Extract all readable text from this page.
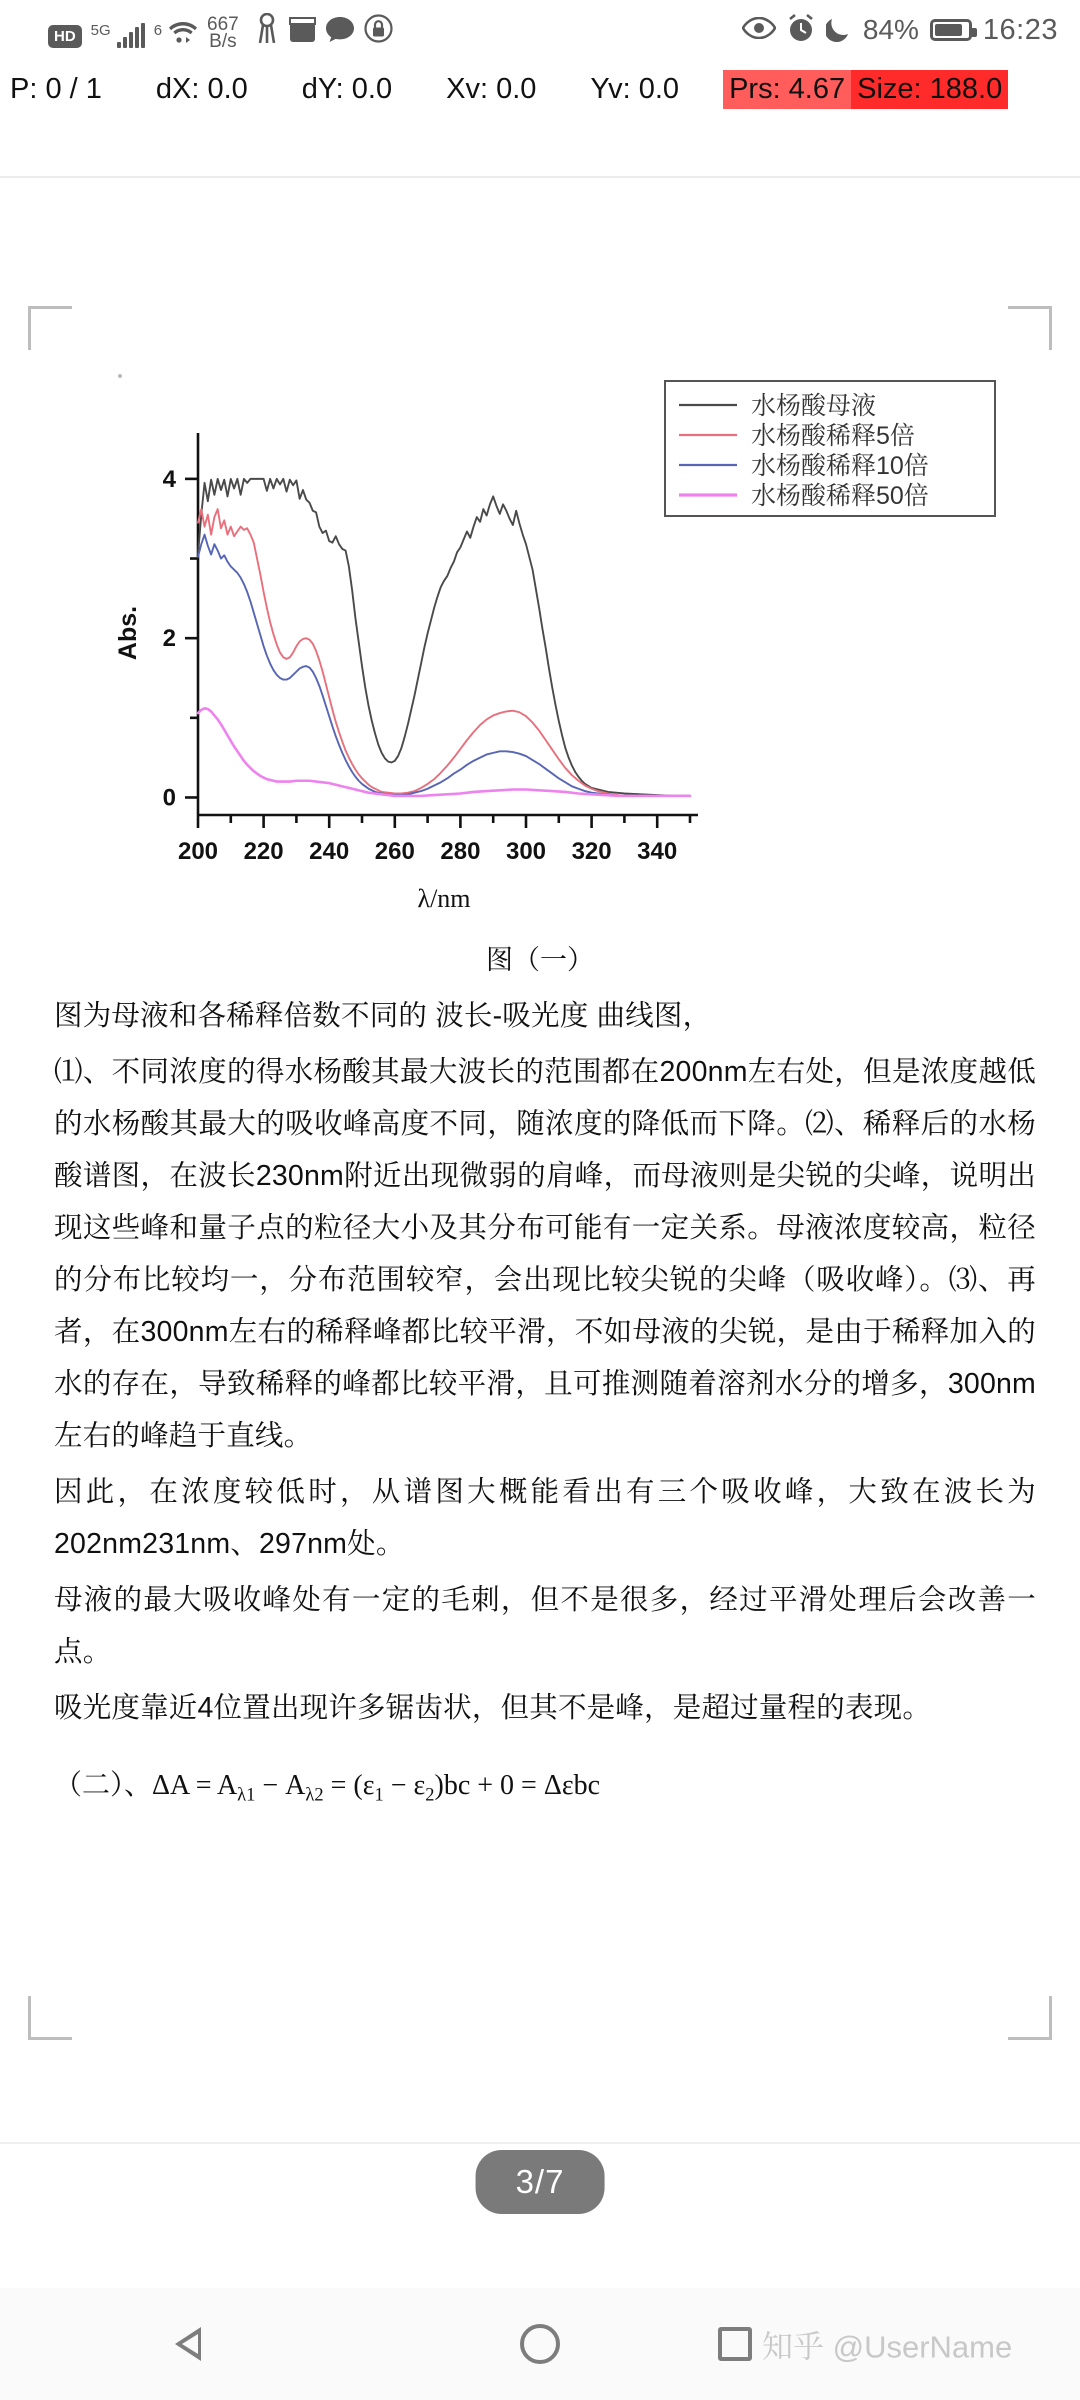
HD	5G	6 667
B/s	84% 16:23
P: 0 / 1 dX: 0.0 dY: 0.0 Xv: 0.0 Yv: 0.0 Prs: 4.67 Size: 188.0
0
2
4
200 220 240 260 280 300 320 340
Abs.
λ/nm
水杨酸母液
水杨酸稀释5倍
水杨酸稀释10倍
水杨酸稀释50倍
图（一）

图为母液和各稀释倍数不同的 波长-吸光度 曲线图，

⑴、不同浓度的得水杨酸其最大波长的范围都在200nm左右处，但是浓度越低的水杨酸其最大的吸收峰高度不同，随浓度的降低而下降。⑵、稀释后的水杨酸谱图，在波长230nm附近出现微弱的肩峰，而母液则是尖锐的尖峰，说明出现这些峰和量子点的粒径大小及其分布可能有一定关系。母液浓度较高，粒径的分布比较均一，分布范围较窄，会出现比较尖锐的尖峰（吸收峰）。⑶、再者，在300nm左右的稀释峰都比较平滑，不如母液的尖锐，是由于稀释加入的水的存在，导致稀释的峰都比较平滑，且可推测随着溶剂水分的增多，300nm左右的峰趋于直线。

因此，在浓度较低时，从谱图大概能看出有三个吸收峰，大致在波长为202nm231nm、297nm处。

母液的最大吸收峰处有一定的毛刺，但不是很多，经过平滑处理后会改善一点。

吸光度靠近4位置出现许多锯齿状，但其不是峰，是超过量程的表现。

（二）、$\Delta A = A_{\lambda 1} - A_{\lambda 2} = (\varepsilon_1 - \varepsilon_2)bc + 0 = \Delta\varepsilon bc$

3/7
知乎 @UserName
